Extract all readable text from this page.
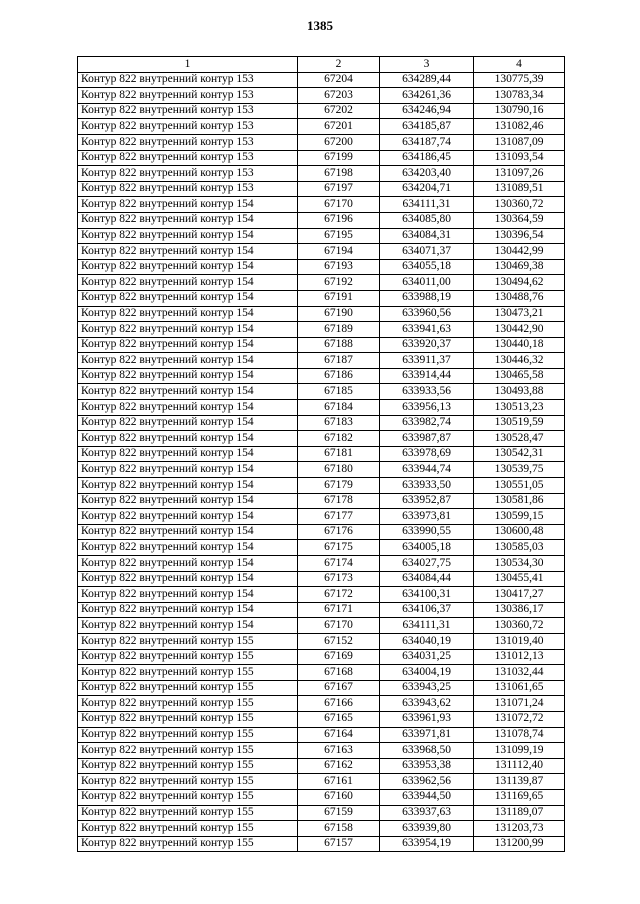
1385
1	2	3	4
Контур 822 внутренний контур 153	67204	634289,44	130775,39
Контур 822 внутренний контур 153	67203	634261,36	130783,34
Контур 822 внутренний контур 153	67202	634246,94	130790,16
Контур 822 внутренний контур 153	67201	634185,87	131082,46
Контур 822 внутренний контур 153	67200	634187,74	131087,09
Контур 822 внутренний контур 153	67199	634186,45	131093,54
Контур 822 внутренний контур 153	67198	634203,40	131097,26
Контур 822 внутренний контур 153	67197	634204,71	131089,51
Контур 822 внутренний контур 154	67170	634111,31	130360,72
Контур 822 внутренний контур 154	67196	634085,80	130364,59
Контур 822 внутренний контур 154	67195	634084,31	130396,54
Контур 822 внутренний контур 154	67194	634071,37	130442,99
Контур 822 внутренний контур 154	67193	634055,18	130469,38
Контур 822 внутренний контур 154	67192	634011,00	130494,62
Контур 822 внутренний контур 154	67191	633988,19	130488,76
Контур 822 внутренний контур 154	67190	633960,56	130473,21
Контур 822 внутренний контур 154	67189	633941,63	130442,90
Контур 822 внутренний контур 154	67188	633920,37	130440,18
Контур 822 внутренний контур 154	67187	633911,37	130446,32
Контур 822 внутренний контур 154	67186	633914,44	130465,58
Контур 822 внутренний контур 154	67185	633933,56	130493,88
Контур 822 внутренний контур 154	67184	633956,13	130513,23
Контур 822 внутренний контур 154	67183	633982,74	130519,59
Контур 822 внутренний контур 154	67182	633987,87	130528,47
Контур 822 внутренний контур 154	67181	633978,69	130542,31
Контур 822 внутренний контур 154	67180	633944,74	130539,75
Контур 822 внутренний контур 154	67179	633933,50	130551,05
Контур 822 внутренний контур 154	67178	633952,87	130581,86
Контур 822 внутренний контур 154	67177	633973,81	130599,15
Контур 822 внутренний контур 154	67176	633990,55	130600,48
Контур 822 внутренний контур 154	67175	634005,18	130585,03
Контур 822 внутренний контур 154	67174	634027,75	130534,30
Контур 822 внутренний контур 154	67173	634084,44	130455,41
Контур 822 внутренний контур 154	67172	634100,31	130417,27
Контур 822 внутренний контур 154	67171	634106,37	130386,17
Контур 822 внутренний контур 154	67170	634111,31	130360,72
Контур 822 внутренний контур 155	67152	634040,19	131019,40
Контур 822 внутренний контур 155	67169	634031,25	131012,13
Контур 822 внутренний контур 155	67168	634004,19	131032,44
Контур 822 внутренний контур 155	67167	633943,25	131061,65
Контур 822 внутренний контур 155	67166	633943,62	131071,24
Контур 822 внутренний контур 155	67165	633961,93	131072,72
Контур 822 внутренний контур 155	67164	633971,81	131078,74
Контур 822 внутренний контур 155	67163	633968,50	131099,19
Контур 822 внутренний контур 155	67162	633953,38	131112,40
Контур 822 внутренний контур 155	67161	633962,56	131139,87
Контур 822 внутренний контур 155	67160	633944,50	131169,65
Контур 822 внутренний контур 155	67159	633937,63	131189,07
Контур 822 внутренний контур 155	67158	633939,80	131203,73
Контур 822 внутренний контур 155	67157	633954,19	131200,99
